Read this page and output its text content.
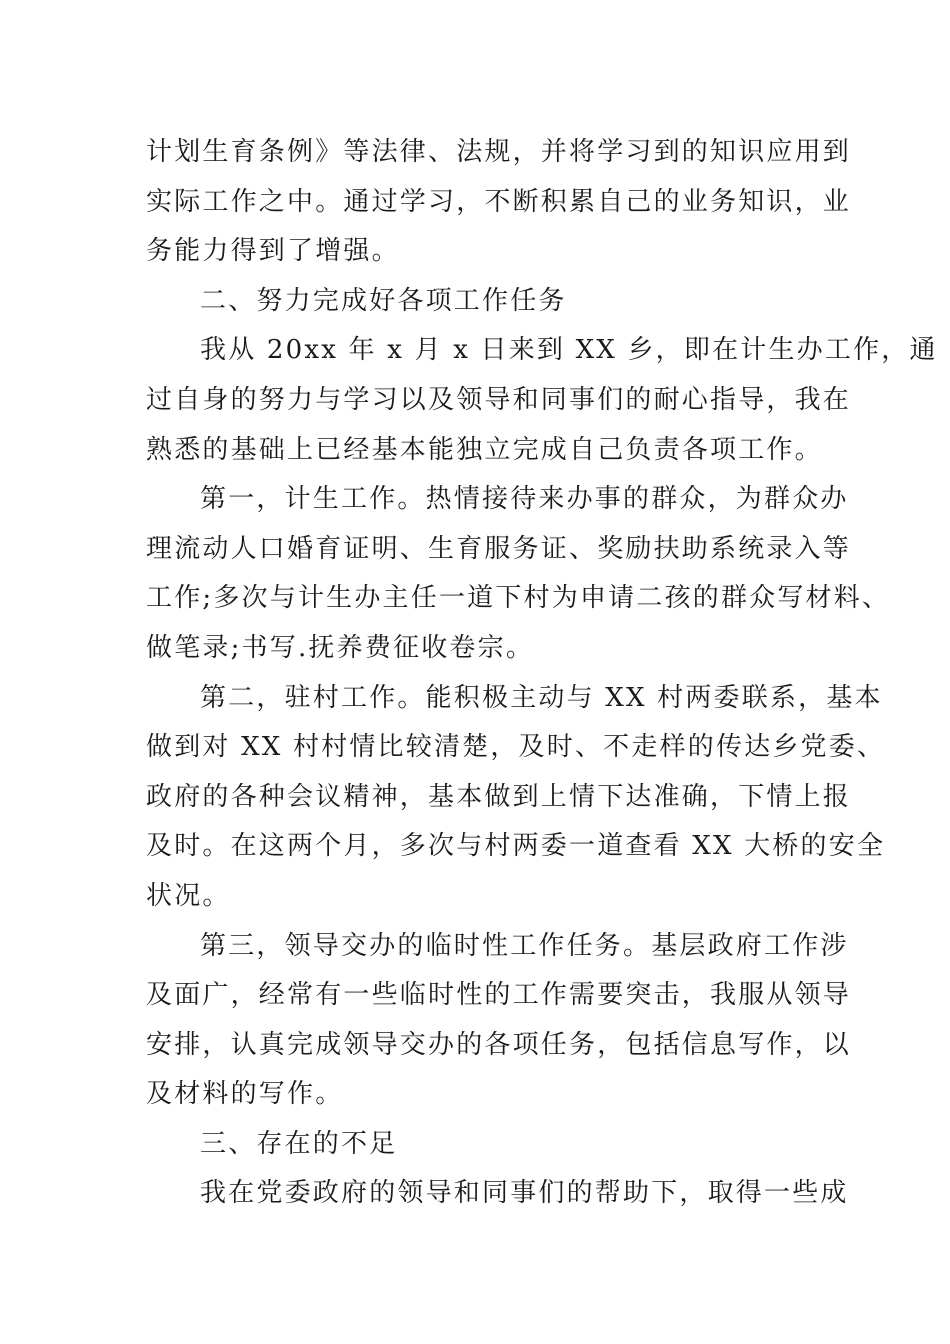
计划生育条例》等法律、法规，并将学习到的知识应用到
实际工作之中。通过学习，不断积累自己的业务知识，业
务能力得到了增强。
二、努力完成好各项工作任务
我从 20xx 年 x 月 x 日来到 XX 乡，即在计生办工作，通
过自身的努力与学习以及领导和同事们的耐心指导，我在
熟悉的基础上已经基本能独立完成自己负责各项工作。
第一，计生工作。热情接待来办事的群众，为群众办
理流动人口婚育证明、生育服务证、奖励扶助系统录入等
工作;多次与计生办主任一道下村为申请二孩的群众写材料、
做笔录;书写.抚养费征收卷宗。
第二，驻村工作。能积极主动与 XX 村两委联系，基本
做到对 XX 村村情比较清楚，及时、不走样的传达乡党委、
政府的各种会议精神，基本做到上情下达准确，下情上报
及时。在这两个月，多次与村两委一道查看 XX 大桥的安全
状况。
第三，领导交办的临时性工作任务。基层政府工作涉
及面广，经常有一些临时性的工作需要突击，我服从领导
安排，认真完成领导交办的各项任务，包括信息写作，以
及材料的写作。
三、存在的不足
我在党委政府的领导和同事们的帮助下，取得一些成
